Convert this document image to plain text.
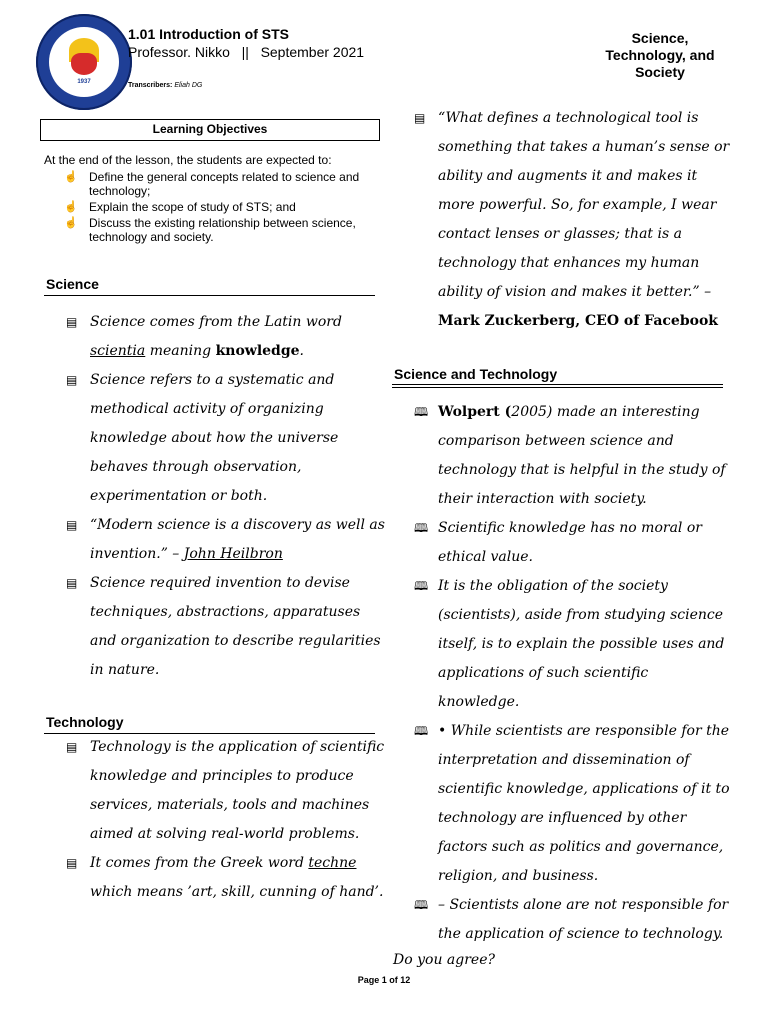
1937
1.01 Introduction of STS
Professor. Nikko || September 2021
Transcribers: Eliah DG
Science,
Technology, and
Society
Learning Objectives
At the end of the lesson, the students are expected to:
☝ Define the general concepts related to science and technology;
☝ Explain the scope of study of STS; and
☝ Discuss the existing relationship between science, technology and society.
Science
▤ Science comes from the Latin word scientia meaning knowledge.
▤ Science refers to a systematic and methodical activity of organizing knowledge about how the universe behaves through observation, experimentation or both.
▤ “Modern science is a discovery as well as invention.” – John Heilbron
▤ Science required invention to devise techniques, abstractions, apparatuses and organization to describe regularities in nature.
Technology
▤ Technology is the application of scientific knowledge and principles to produce services, materials, tools and machines aimed at solving real-world problems.
▤ It comes from the Greek word techne which means ’art, skill, cunning of hand’.
▤ “What defines a technological tool is something that takes a human’s sense or ability and augments it and makes it more powerful. So, for example, I wear contact lenses or glasses; that is a technology that enhances my human ability of vision and makes it better.” – Mark Zuckerberg, CEO of Facebook
Science and Technology
🕮 Wolpert (2005) made an interesting comparison between science and technology that is helpful in the study of their interaction with society.
🕮 Scientific knowledge has no moral or ethical value.
🕮 It is the obligation of the society (scientists), aside from studying science itself, is to explain the possible uses and applications of such scientific knowledge.
🕮 • While scientists are responsible for the interpretation and dissemination of scientific knowledge, applications of it to technology are influenced by other factors such as politics and governance, religion, and business.
🕮 – Scientists alone are not responsible for the application of science to technology.
Do you agree?
Page 1 of 12
